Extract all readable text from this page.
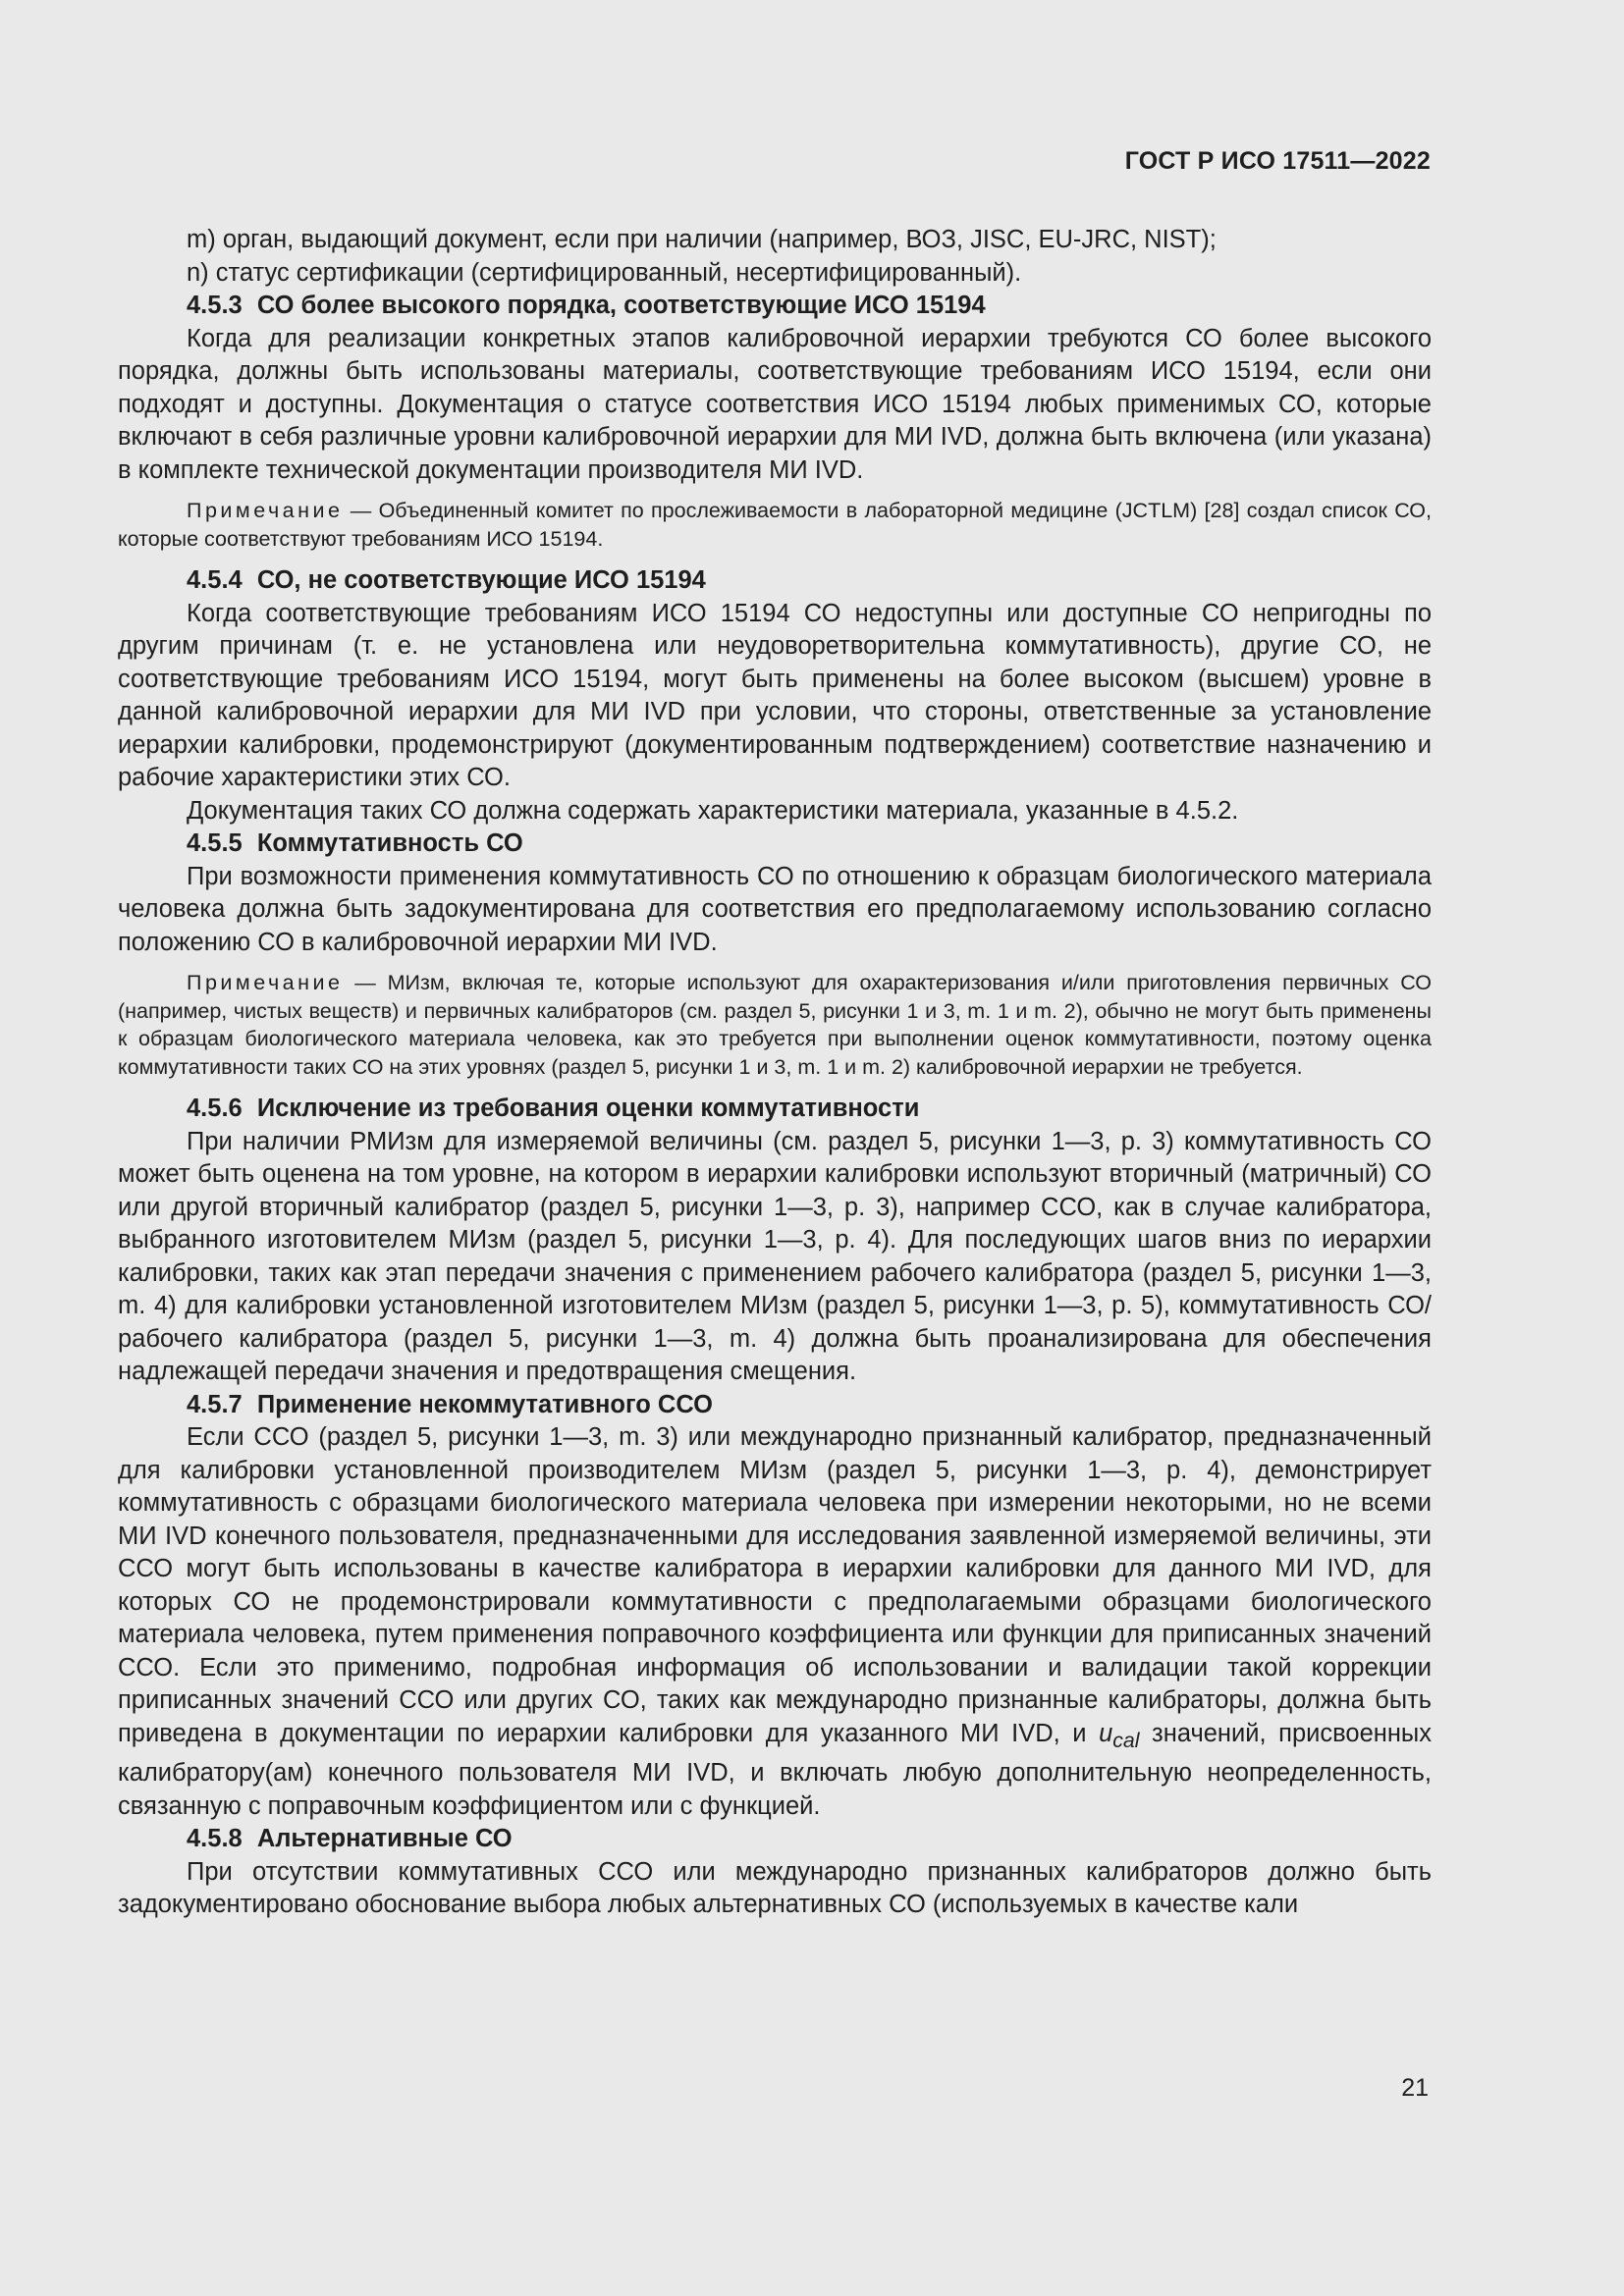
ГОСТ Р ИСО 17511—2022

m) орган, выдающий документ, если при наличии (например, ВОЗ, JISC, EU-JRC, NIST);

n) статус сертификации (сертифицированный, несертифицированный).

4.5.3 СО более высокого порядка, соответствующие ИСО 15194

Когда для реализации конкретных этапов калибровочной иерархии требуются СО более высокого порядка, должны быть использованы материалы, соответствующие требованиям ИСО 15194, если они подходят и доступны. Документация о статусе соответствия ИСО 15194 любых применимых СО, которые включают в себя различные уровни калибровочной иерархии для МИ IVD, должна быть включена (или указана) в комплекте технической документации производителя МИ IVD.

Примечание — Объединенный комитет по прослеживаемости в лабораторной медицине (JCTLM) [28] создал список СО, которые соответствуют требованиям ИСО 15194.

4.5.4 СО, не соответствующие ИСО 15194

Когда соответствующие требованиям ИСО 15194 СО недоступны или доступные СО непригодны по другим причинам (т. е. не установлена или неудоворетворительна коммутативность), другие СО, не соответствующие требованиям ИСО 15194, могут быть применены на более высоком (высшем) уровне в данной калибровочной иерархии для МИ IVD при условии, что стороны, ответственные за установление иерархии калибровки, продемонстрируют (документированным подтверждением) соответствие назначению и рабочие характеристики этих СО.

Документация таких СО должна содержать характеристики материала, указанные в 4.5.2.

4.5.5 Коммутативность СО

При возможности применения коммутативность СО по отношению к образцам биологического материала человека должна быть задокументирована для соответствия его предполагаемому использованию согласно положению СО в калибровочной иерархии МИ IVD.

Примечание — МИзм, включая те, которые используют для охарактеризования и/или приготовления первичных СО (например, чистых веществ) и первичных калибраторов (см. раздел 5, рисунки 1 и 3, m. 1 и m. 2), обычно не могут быть применены к образцам биологического материала человека, как это требуется при выполнении оценок коммутативности, поэтому оценка коммутативности таких СО на этих уровнях (раздел 5, рисунки 1 и 3, m. 1 и m. 2) калибровочной иерархии не требуется.

4.5.6 Исключение из требования оценки коммутативности

При наличии РМИзм для измеряемой величины (см. раздел 5, рисунки 1—3, р. 3) коммутативность СО может быть оценена на том уровне, на котором в иерархии калибровки используют вторичный (матричный) СО или другой вторичный калибратор (раздел 5, рисунки 1—3, р. 3), например ССО, как в случае калибратора, выбранного изготовителем МИзм (раздел 5, рисунки 1—3, р. 4). Для последующих шагов вниз по иерархии калибровки, таких как этап передачи значения с применением рабочего калибратора (раздел 5, рисунки 1—3, m. 4) для калибровки установленной изготовителем МИзм (раздел 5, рисунки 1—3, р. 5), коммутативность СО/рабочего калибратора (раздел 5, рисунки 1—3, m. 4) должна быть проанализирована для обеспечения надлежащей передачи значения и предотвращения смещения.

4.5.7 Применение некоммутативного ССО

Если ССО (раздел 5, рисунки 1—3, m. 3) или международно признанный калибратор, предназначенный для калибровки установленной производителем МИзм (раздел 5, рисунки 1—3, р. 4), демонстрирует коммутативность с образцами биологического материала человека при измерении некоторыми, но не всеми МИ IVD конечного пользователя, предназначенными для исследования заявленной измеряемой величины, эти ССО могут быть использованы в качестве калибратора в иерархии калибровки для данного МИ IVD, для которых СО не продемонстрировали коммутативности с предполагаемыми образцами биологического материала человека, путем применения поправочного коэффициента или функции для приписанных значений ССО. Если это применимо, подробная информация об использовании и валидации такой коррекции приписанных значений ССО или других СО, таких как международно признанные калибраторы, должна быть приведена в документации по иерархии калибровки для указанного МИ IVD, и $u_{cal}$ значений, присвоенных калибратору(ам) конечного пользователя МИ IVD, и включать любую дополнительную неопределенность, связанную с поправочным коэффициентом или с функцией.

4.5.8 Альтернативные СО

При отсутствии коммутативных ССО или международно признанных калибраторов должно быть задокументировано обоснование выбора любых альтернативных СО (используемых в качестве кали

21
